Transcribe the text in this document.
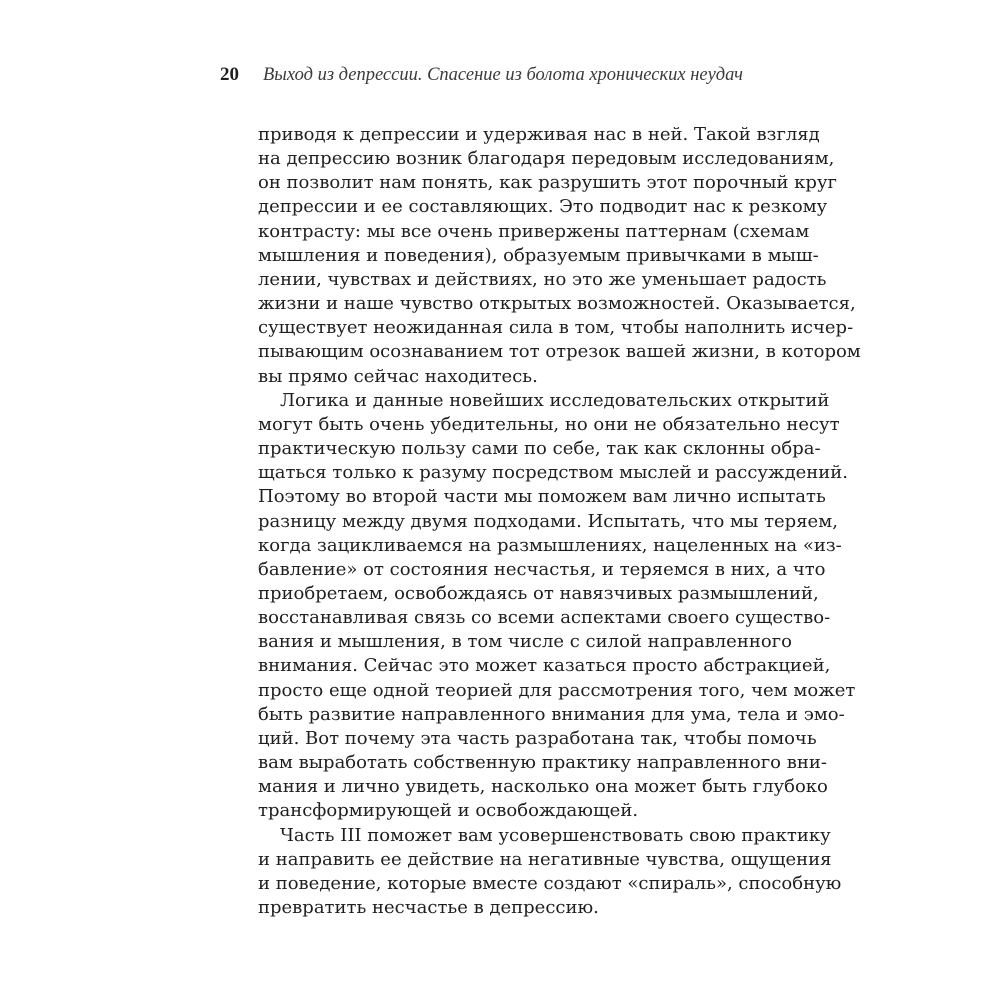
20 Выход из депрессии. Спасение из болота хронических неудач

приводя к депрессии и удерживая нас в ней. Такой взгляд
на депрессию возник благодаря передовым исследованиям,
он позволит нам понять, как разрушить этот порочный круг
депрессии и ее составляющих. Это подводит нас к резкому
контрасту: мы все очень привержены паттернам (схемам
мышления и поведения), образуемым привычками в мыш-
лении, чувствах и действиях, но это же уменьшает радость
жизни и наше чувство открытых возможностей. Оказывается,
существует неожиданная сила в том, чтобы наполнить исчер-
пывающим осознаванием тот отрезок вашей жизни, в котором
вы прямо сейчас находитесь.

Логика и данные новейших исследовательских открытий
могут быть очень убедительны, но они не обязательно несут
практическую пользу сами по себе, так как склонны обра-
щаться только к разуму посредством мыслей и рассуждений.
Поэтому во второй части мы поможем вам лично испытать
разницу между двумя подходами. Испытать, что мы теряем,
когда зацикливаемся на размышлениях, нацеленных на «из-
бавление» от состояния несчастья, и теряемся в них, а что
приобретаем, освобождаясь от навязчивых размышлений,
восстанавливая связь со всеми аспектами своего существо-
вания и мышления, в том числе с силой направленного
внимания. Сейчас это может казаться просто абстракцией,
просто еще одной теорией для рассмотрения того, чем может
быть развитие направленного внимания для ума, тела и эмо-
ций. Вот почему эта часть разработана так, чтобы помочь
вам выработать собственную практику направленного вни-
мания и лично увидеть, насколько она может быть глубоко
трансформирующей и освобождающей.

Часть III поможет вам усовершенствовать свою практику
и направить ее действие на негативные чувства, ощущения
и поведение, которые вместе создают «спираль», способную
превратить несчастье в депрессию.
